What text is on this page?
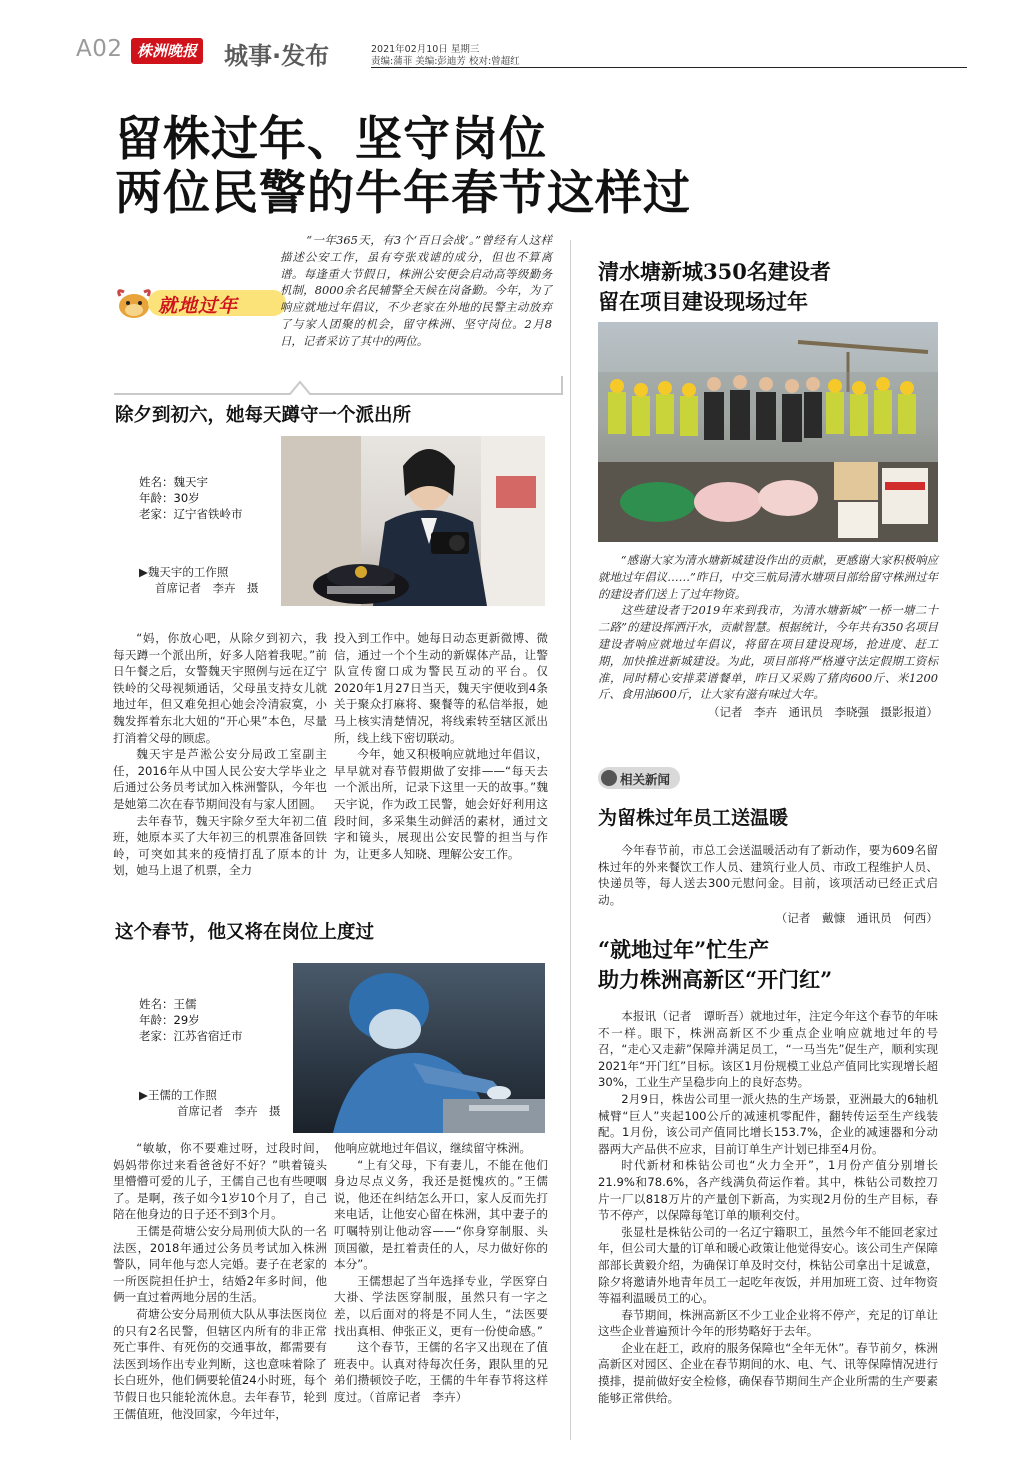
A02 株洲晚报 城事·发布	2021年02月10日 星期三
责编:蒲菲 美编:彭迪芳 校对:曾超红
留株过年、坚守岗位
两位民警的牛年春节这样过
就地过年
“一年365天，有3个‘百日会战’。”曾经有人这样描述公安工作，虽有夸张戏谑的成分，但也不算离谱。每逢重大节假日，株洲公安便会启动高等级勤务机制，8000余名民辅警全天候在岗备勤。今年，为了响应就地过年倡议，不少老家在外地的民警主动放弃了与家人团聚的机会，留守株洲、坚守岗位。2月8日，记者采访了其中的两位。
除夕到初六，她每天蹲守一个派出所
姓名：魏天宇
年龄：30岁
老家：辽宁省铁岭市
▶魏天宇的工作照
首席记者　李卉　摄

“妈，你放心吧，从除夕到初六，我每天蹲一个派出所，好多人陪着我呢。”前日午餐之后，女警魏天宇照例与远在辽宁铁岭的父母视频通话，父母虽支持女儿就地过年，但又难免担心她会冷清寂寞，小魏发挥着东北大妞的“开心果”本色，尽量打消着父母的顾虑。

魏天宇是芦淞公安分局政工室副主任，2016年从中国人民公安大学毕业之后通过公务员考试加入株洲警队，今年也是她第二次在春节期间没有与家人团圆。

去年春节，魏天宇除夕至大年初二值班，她原本买了大年初三的机票准备回铁岭，可突如其来的疫情打乱了原本的计划，她马上退了机票，全力

投入到工作中。她每日动态更新微博、微信，通过一个个生动的新媒体产品，让警队宣传窗口成为警民互动的平台。仅2020年1月27日当天，魏天宇便收到4条关于聚众打麻将、聚餐等的私信举报，她马上核实清楚情况，将线索转至辖区派出所，线上线下密切联动。

今年，她又积极响应就地过年倡议，早早就对春节假期做了安排——“每天去一个派出所，记录下这里一天的故事。”魏天宇说，作为政工民警，她会好好利用这段时间，多采集生动鲜活的素材，通过文字和镜头，展现出公安民警的担当与作为，让更多人知晓、理解公安工作。

这个春节，他又将在岗位上度过
姓名：王儒
年龄：29岁
老家：江苏省宿迁市
▶王儒的工作照
首席记者　李卉　摄

“敏敏，你不要难过呀，过段时间，妈妈带你过来看爸爸好不好？”哄着镜头里懵懵可爱的儿子，王儒自己也有些哽咽了。是啊，孩子如今1岁10个月了，自己陪在他身边的日子还不到3个月。

王儒是荷塘公安分局刑侦大队的一名法医，2018年通过公务员考试加入株洲警队，同年他与恋人完婚。妻子在老家的一所医院担任护士，结婚2年多时间，他俩一直过着两地分居的生活。

荷塘公安分局刑侦大队从事法医岗位的只有2名民警，但辖区内所有的非正常死亡事件、有死伤的交通事故，都需要有法医到场作出专业判断，这也意味着除了长白班外，他们俩要轮值24小时班，每个节假日也只能轮流休息。去年春节，轮到王儒值班，他没回家，今年过年，

他响应就地过年倡议，继续留守株洲。

“上有父母，下有妻儿，不能在他们身边尽点义务，我还是挺愧疚的。”王儒说，他还在纠结怎么开口，家人反而先打来电话，让他安心留在株洲，其中妻子的叮嘱特别让他动容——“你身穿制服、头顶国徽，是扛着责任的人，尽力做好你的本分”。

王儒想起了当年选择专业，学医穿白大褂、学法医穿制服，虽然只有一字之差，以后面对的将是不同人生，“法医要找出真相、伸张正义，更有一份使命感。”

这个春节，王儒的名字又出现在了值班表中。认真对待每次任务，跟队里的兄弟们攒顿饺子吃，王儒的牛年春节将这样度过。（首席记者　李卉）

清水塘新城350名建设者
留在项目建设现场过年
“感谢大家为清水塘新城建设作出的贡献，更感谢大家积极响应就地过年倡议……”昨日，中交三航局清水塘项目部给留守株洲过年的建设者们送上了过年物资。
这些建设者于2019年来到我市，为清水塘新城“一桥一塘二十二路”的建设挥洒汗水，贡献智慧。根据统计，今年共有350名项目建设者响应就地过年倡议，将留在项目建设现场，抢进度、赶工期，加快推进新城建设。为此，项目部将严格遵守法定假期工资标准，同时精心安排菜谱餐单，昨日又采购了猪肉600斤、米1200斤、食用油600斤，让大家有滋有味过大年。
（记者　李卉　通讯员　李晓强　摄影报道）
相关新闻
为留株过年员工送温暖

今年春节前，市总工会送温暖活动有了新动作，要为609名留株过年的外来餐饮工作人员、建筑行业人员、市政工程维护人员、快递员等，每人送去300元慰问金。目前，该项活动已经正式启动。

（记者　戴慷　通讯员　何西）
“就地过年”忙生产
助力株洲高新区“开门红”

本报讯（记者　谭昕吾）就地过年，注定今年这个春节的年味不一样。眼下，株洲高新区不少重点企业响应就地过年的号召，“走心又走薪”保障并满足员工，“一马当先”促生产，顺利实现2021年“开门红”目标。该区1月份规模工业总产值同比实现增长超30%，工业生产呈稳步向上的良好态势。

2月9日，株齿公司里一派火热的生产场景，亚洲最大的6轴机械臂“巨人”夹起100公斤的减速机零配件，翻转传运至生产线装配。1月份，该公司产值同比增长153.7%，企业的减速器和分动器两大产品供不应求，目前订单生产计划已排至4月份。

时代新材和株钻公司也“火力全开”，1月份产值分别增长21.9%和78.6%，各产线满负荷运作着。其中，株钻公司数控刀片一厂以818万片的产量创下新高，为实现2月份的生产目标，春节不停产，以保障每笔订单的顺利交付。

张显杜是株钻公司的一名辽宁籍职工，虽然今年不能回老家过年，但公司大量的订单和暖心政策让他觉得安心。该公司生产保障部部长黄毅介绍，为确保订单及时交付，株钻公司拿出十足诚意，除夕将邀请外地青年员工一起吃年夜饭，并用加班工资、过年物资等福利温暖员工的心。

春节期间，株洲高新区不少工业企业将不停产，充足的订单让这些企业普遍预计今年的形势略好于去年。

企业在赶工，政府的服务保障也“全年无休”。春节前夕，株洲高新区对园区、企业在春节期间的水、电、气、讯等保障情况进行摸排，提前做好安全检修，确保春节期间生产企业所需的生产要素能够正常供给。
